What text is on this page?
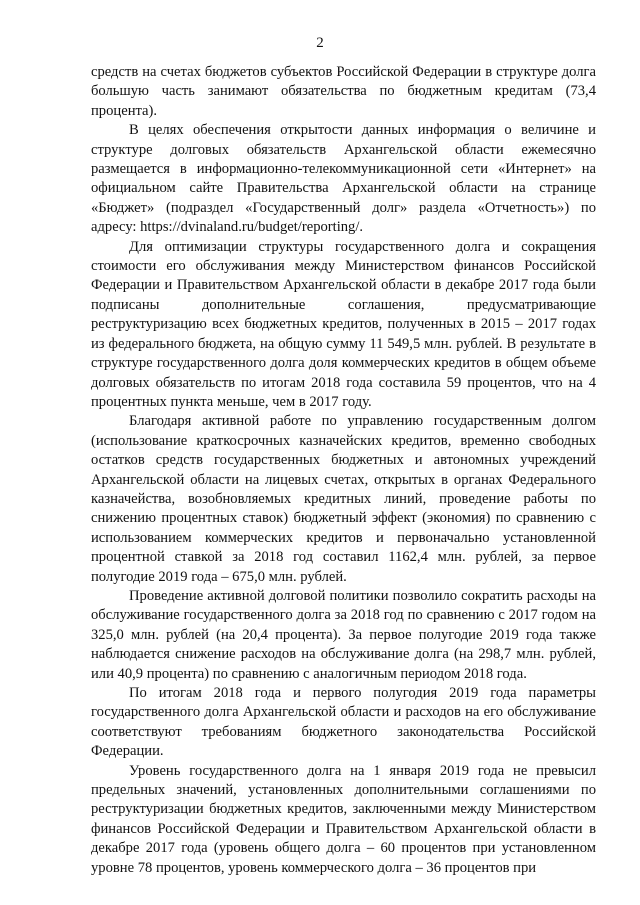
2

средств на счетах бюджетов субъектов Российской Федерации в структуре долга большую часть занимают обязательства по бюджетным кредитам (73,4 процента).

В целях обеспечения открытости данных информация о величине и структуре долговых обязательств Архангельской области ежемесячно размещается в информационно-телекоммуникационной сети «Интернет» на официальном сайте Правительства Архангельской области на странице «Бюджет» (подраздел «Государственный долг» раздела «Отчетность») по адресу: https://dvinaland.ru/budget/reporting/.

Для оптимизации структуры государственного долга и сокращения стоимости его обслуживания между Министерством финансов Российской Федерации и Правительством Архангельской области в декабре 2017 года были подписаны дополнительные соглашения, предусматривающие реструктуризацию всех бюджетных кредитов, полученных в 2015 – 2017 годах из федерального бюджета, на общую сумму 11 549,5 млн. рублей. В результате в структуре государственного долга доля коммерческих кредитов в общем объеме долговых обязательств по итогам 2018 года составила 59 процентов, что на 4 процентных пункта меньше, чем в 2017 году.

Благодаря активной работе по управлению государственным долгом (использование краткосрочных казначейских кредитов, временно свободных остатков средств государственных бюджетных и автономных учреждений Архангельской области на лицевых счетах, открытых в органах Федерального казначейства, возобновляемых кредитных линий, проведение работы по снижению процентных ставок) бюджетный эффект (экономия) по сравнению с использованием коммерческих кредитов и первоначально установленной процентной ставкой за 2018 год составил 1162,4 млн. рублей, за первое полугодие 2019 года – 675,0 млн. рублей.

Проведение активной долговой политики позволило сократить расходы на обслуживание государственного долга за 2018 год по сравнению с 2017 годом на 325,0 млн. рублей (на 20,4 процента). За первое полугодие 2019 года также наблюдается снижение расходов на обслуживание долга (на 298,7 млн. рублей, или 40,9 процента) по сравнению с аналогичным периодом 2018 года.

По итогам 2018 года и первого полугодия 2019 года параметры государственного долга Архангельской области и расходов на его обслуживание соответствуют требованиям бюджетного законодательства Российской Федерации.

Уровень государственного долга на 1 января 2019 года не превысил предельных значений, установленных дополнительными соглашениями по реструктуризации бюджетных кредитов, заключенными между Министерством финансов Российской Федерации и Правительством Архангельской области в декабре 2017 года (уровень общего долга – 60 процентов при установленном уровне 78 процентов, уровень коммерческого долга – 36 процентов при
